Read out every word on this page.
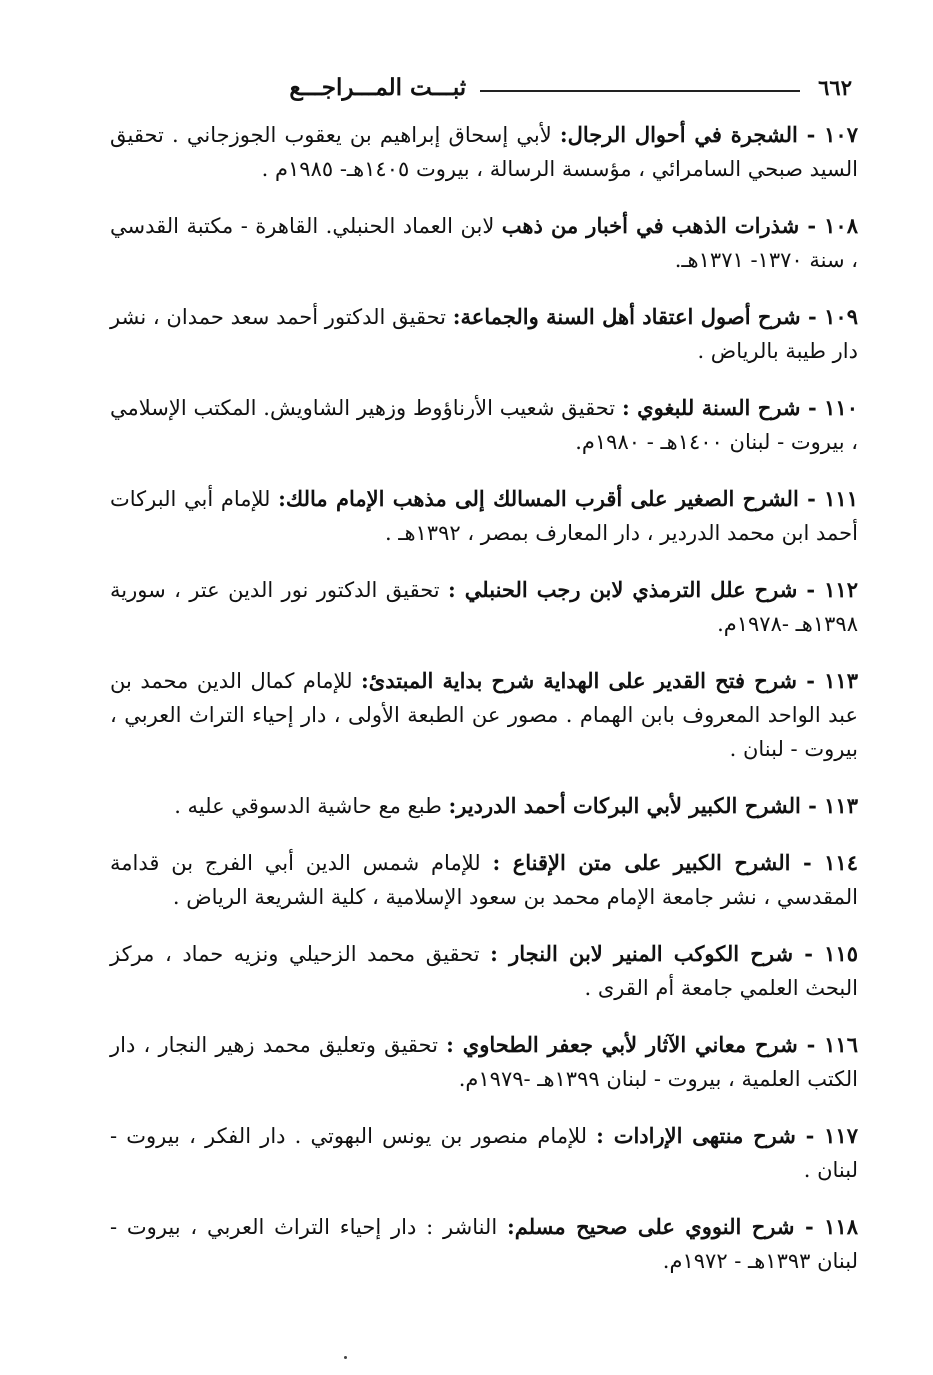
٦٦٢
ثبـــت المـــراجـــع

١٠٧ - الشجرة في أحوال الرجال: لأبي إسحاق إبراهيم بن يعقوب الجوزجاني . تحقيق السيد صبحي السامرائي ، مؤسسة الرسالة ، بيروت ١٤٠٥هـ- ١٩٨٥م .

١٠٨ - شذرات الذهب في أخبار من ذهب لابن العماد الحنبلي. القاهرة - مكتبة القدسي ، سنة ١٣٧٠- ١٣٧١هـ.

١٠٩ - شرح أصول اعتقاد أهل السنة والجماعة: تحقيق الدكتور أحمد سعد حمدان ، نشر دار طيبة بالرياض .

١١٠ - شرح السنة للبغوي : تحقيق شعيب الأرناؤوط وزهير الشاويش. المكتب الإسلامي ، بيروت - لبنان ١٤٠٠هـ - ١٩٨٠م.

١١١ - الشرح الصغير على أقرب المسالك إلى مذهب الإمام مالك: للإمام أبي البركات أحمد ابن محمد الدردير ، دار المعارف بمصر ، ١٣٩٢هـ .

١١٢ - شرح علل الترمذي لابن رجب الحنبلي : تحقيق الدكتور نور الدين عتر ، سورية ١٣٩٨هـ -١٩٧٨م.

١١٣ - شرح فتح القدير على الهداية شرح بداية المبتدئ: للإمام كمال الدين محمد بن عبد الواحد المعروف بابن الهمام . مصور عن الطبعة الأولى ، دار إحياء التراث العربي ، بيروت - لبنان .

١١٣ - الشرح الكبير لأبي البركات أحمد الدردير: طبع مع حاشية الدسوقي عليه .

١١٤ - الشرح الكبير على متن الإقناع : للإمام شمس الدين أبي الفرج بن قدامة المقدسي ، نشر جامعة الإمام محمد بن سعود الإسلامية ، كلية الشريعة الرياض .

١١٥ - شرح الكوكب المنير لابن النجار : تحقيق محمد الزحيلي ونزيه حماد ، مركز البحث العلمي جامعة أم القرى .

١١٦ - شرح معاني الآثار لأبي جعفر الطحاوي : تحقيق وتعليق محمد زهير النجار ، دار الكتب العلمية ، بيروت - لبنان ١٣٩٩هـ -١٩٧٩م.

١١٧ - شرح منتهى الإرادات : للإمام منصور بن يونس البهوتي . دار الفكر ، بيروت - لبنان .

١١٨ - شرح النووي على صحيح مسلم: الناشر : دار إحياء التراث العربي ، بيروت - لبنان ١٣٩٣هـ - ١٩٧٢م.
